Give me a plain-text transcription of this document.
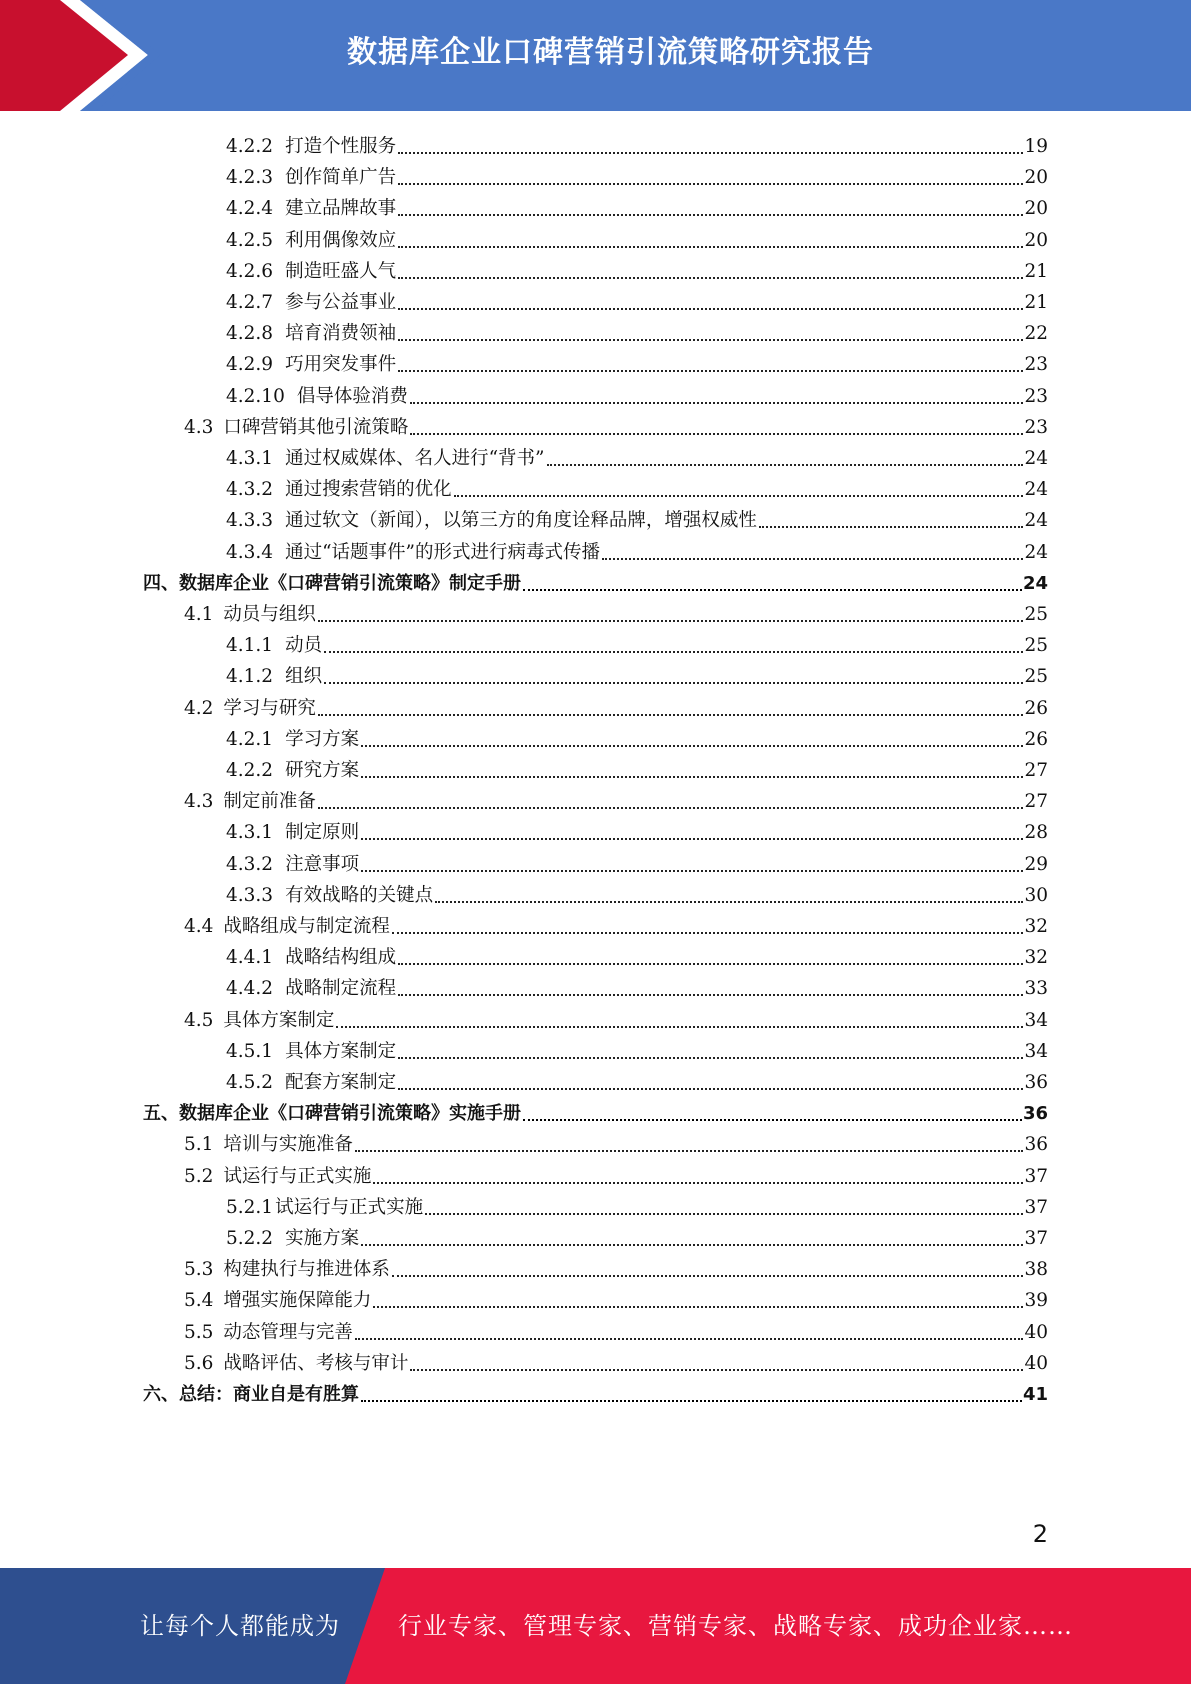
数据库企业口碑营销引流策略研究报告
4.2.2 打造个性服务	19
4.2.3 创作简单广告	20
4.2.4 建立品牌故事	20
4.2.5 利用偶像效应	20
4.2.6 制造旺盛人气	21
4.2.7 参与公益事业	21
4.2.8 培育消费领袖	22
4.2.9 巧用突发事件	23
4.2.10 倡导体验消费	23
4.3 口碑营销其他引流策略	23
4.3.1 通过权威媒体、名人进行“背书”	24
4.3.2 通过搜索营销的优化	24
4.3.3 通过软文（新闻），以第三方的角度诠释品牌，增强权威性	24
4.3.4 通过“话题事件”的形式进行病毒式传播	24
四、 数据库企业《口碑营销引流策略》制定手册	24
4.1 动员与组织	25
4.1.1 动员	25
4.1.2 组织	25
4.2 学习与研究	26
4.2.1 学习方案	26
4.2.2 研究方案	27
4.3 制定前准备	27
4.3.1 制定原则	28
4.3.2 注意事项	29
4.3.3 有效战略的关键点	30
4.4 战略组成与制定流程	32
4.4.1 战略结构组成	32
4.4.2 战略制定流程	33
4.5 具体方案制定	34
4.5.1 具体方案制定	34
4.5.2 配套方案制定	36
五、 数据库企业《口碑营销引流策略》实施手册	36
5.1 培训与实施准备	36
5.2 试运行与正式实施	37
5.2.1 试运行与正式实施	37
5.2.2 实施方案	37
5.3 构建执行与推进体系	38
5.4 增强实施保障能力	39
5.5 动态管理与完善	40
5.6 战略评估、考核与审计	40
六、 总结：商业自是有胜算	41
2
让每个人都能成为 行业专家、管理专家、营销专家、战略专家、成功企业家……
